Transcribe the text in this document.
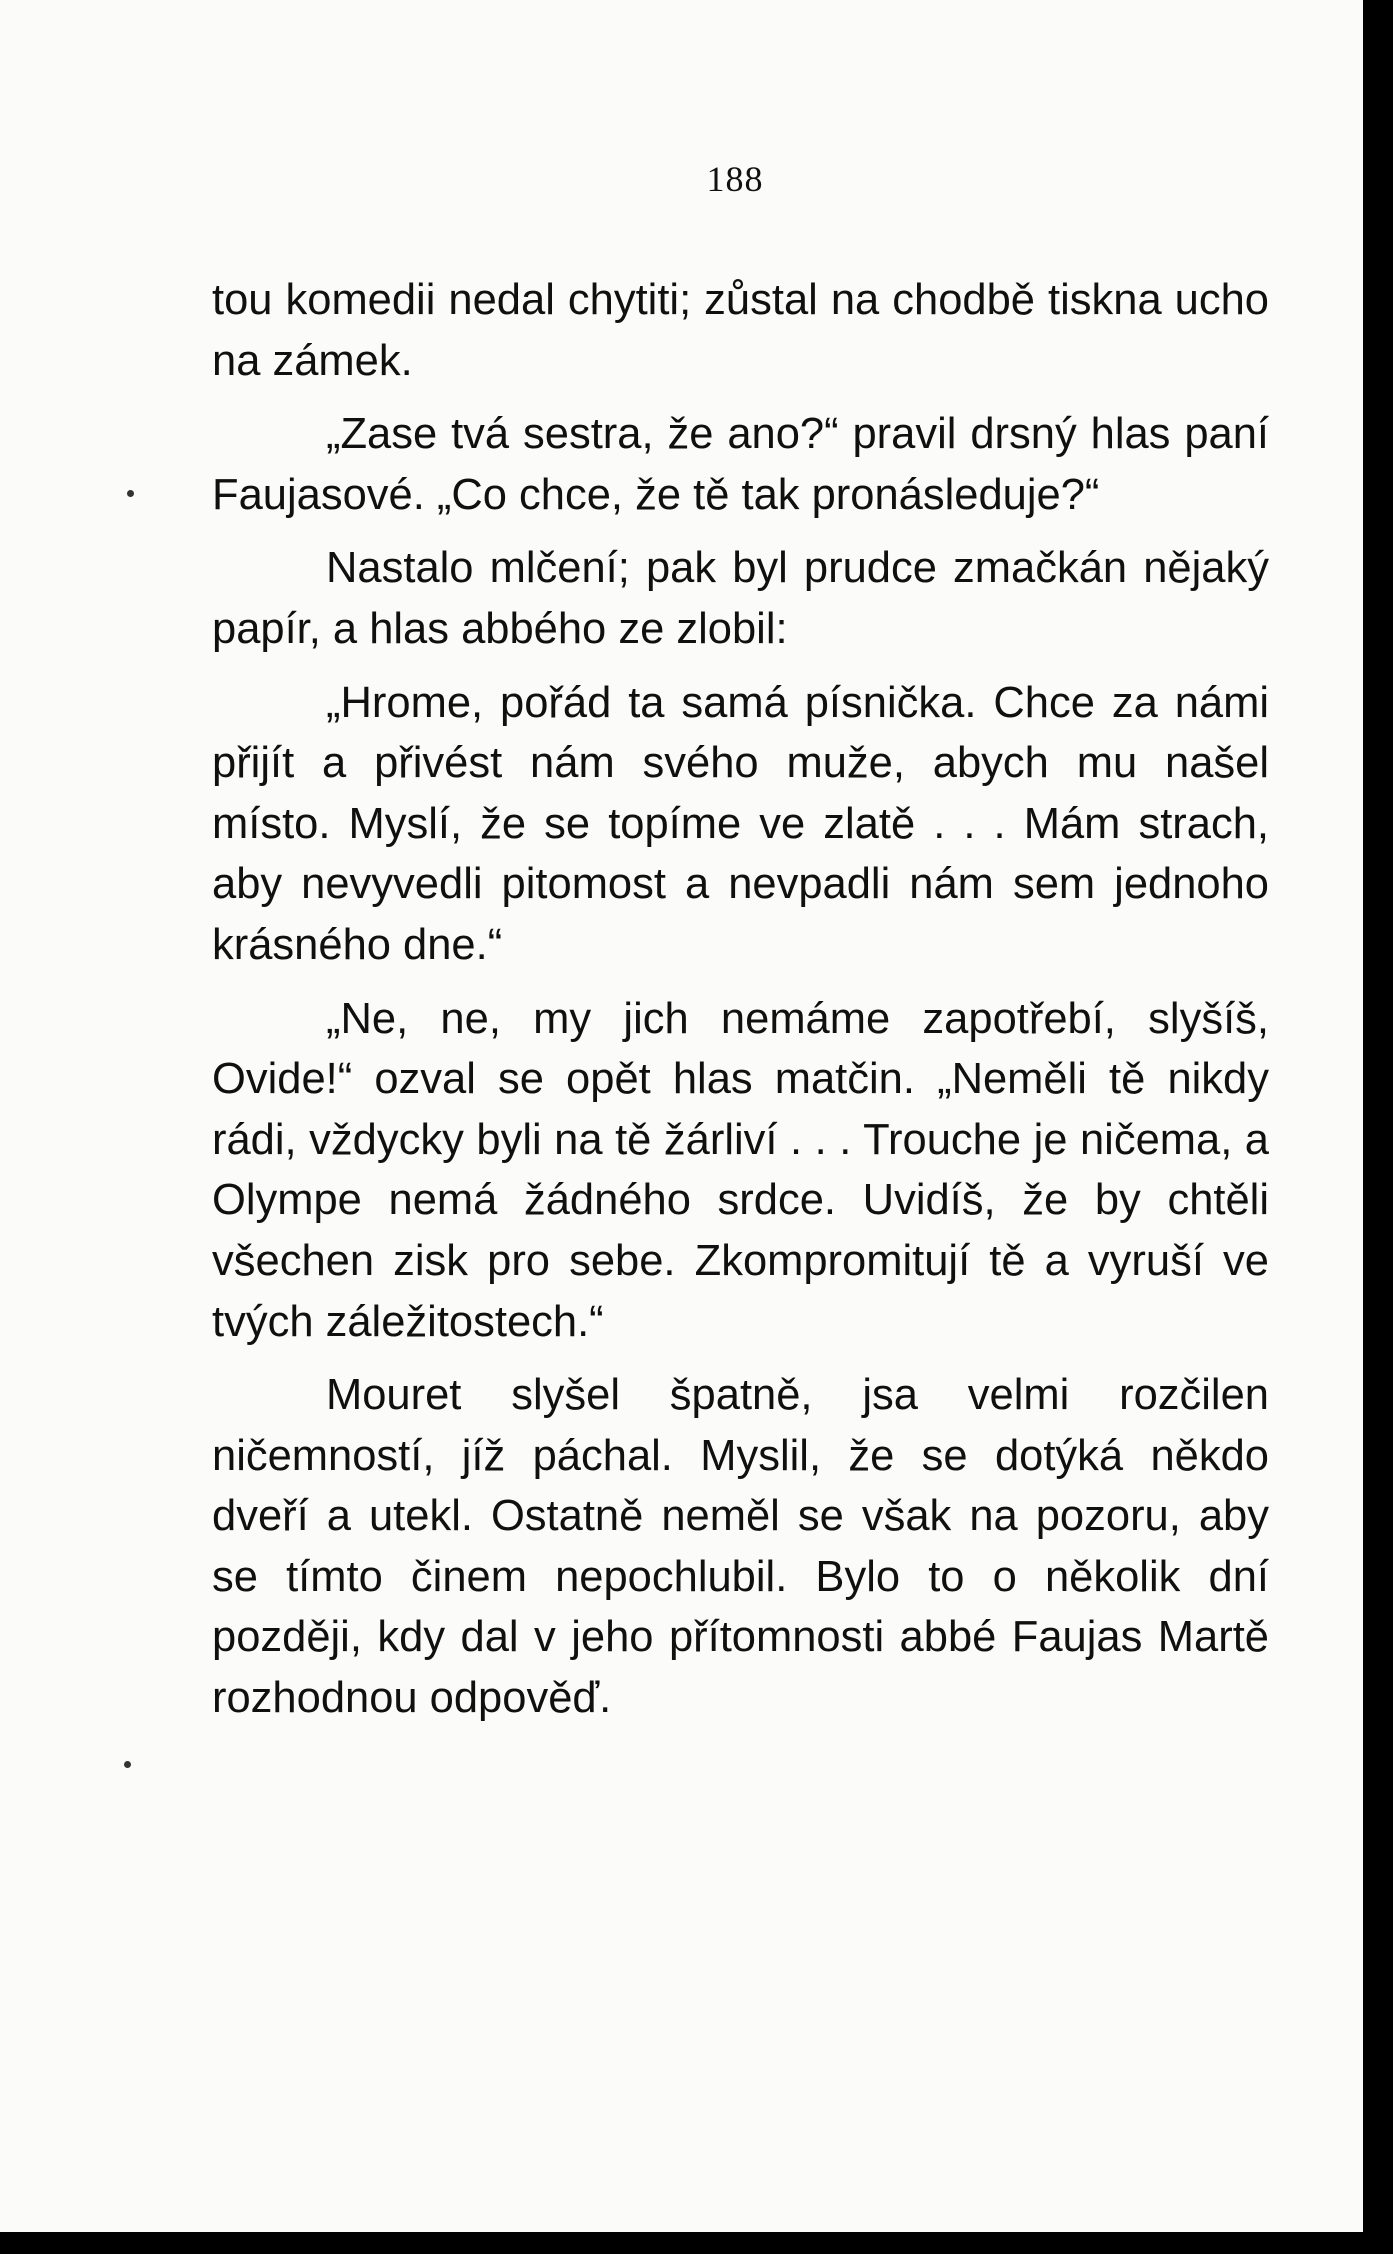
188

tou komedii nedal chytiti; zůstal na chodbě tiskna ucho na zámek.

„Zase tvá sestra, že ano?“ pravil drsný hlas paní Faujasové. „Co chce, že tě tak pronásleduje?“

Nastalo mlčení; pak byl prudce zmačkán nějaký papír, a hlas abbého ze zlobil:

„Hrome, pořád ta samá písnička. Chce za námi přijít a přivést nám svého muže, abych mu našel místo. Myslí, že se topíme ve zlatě . . . Mám strach, aby nevyvedli pitomost a nevpadli nám sem jednoho krásného dne.“

„Ne, ne, my jich nemáme zapotřebí, slyšíš, Ovide!“ ozval se opět hlas matčin. „Neměli tě nikdy rádi, vždycky byli na tě žárliví . . . Trouche je ničema, a Olympe nemá žádného srdce. Uvidíš, že by chtěli všechen zisk pro sebe. Zkompromitují tě a vyruší ve tvých záležitostech.“

Mouret slyšel špatně, jsa velmi rozčilen ničemností, jíž páchal. Myslil, že se dotýká někdo dveří a utekl. Ostatně neměl se však na pozoru, aby se tímto činem nepochlubil. Bylo to o několik dní později, kdy dal v jeho přítomnosti abbé Faujas Martě rozhodnou odpověď.
